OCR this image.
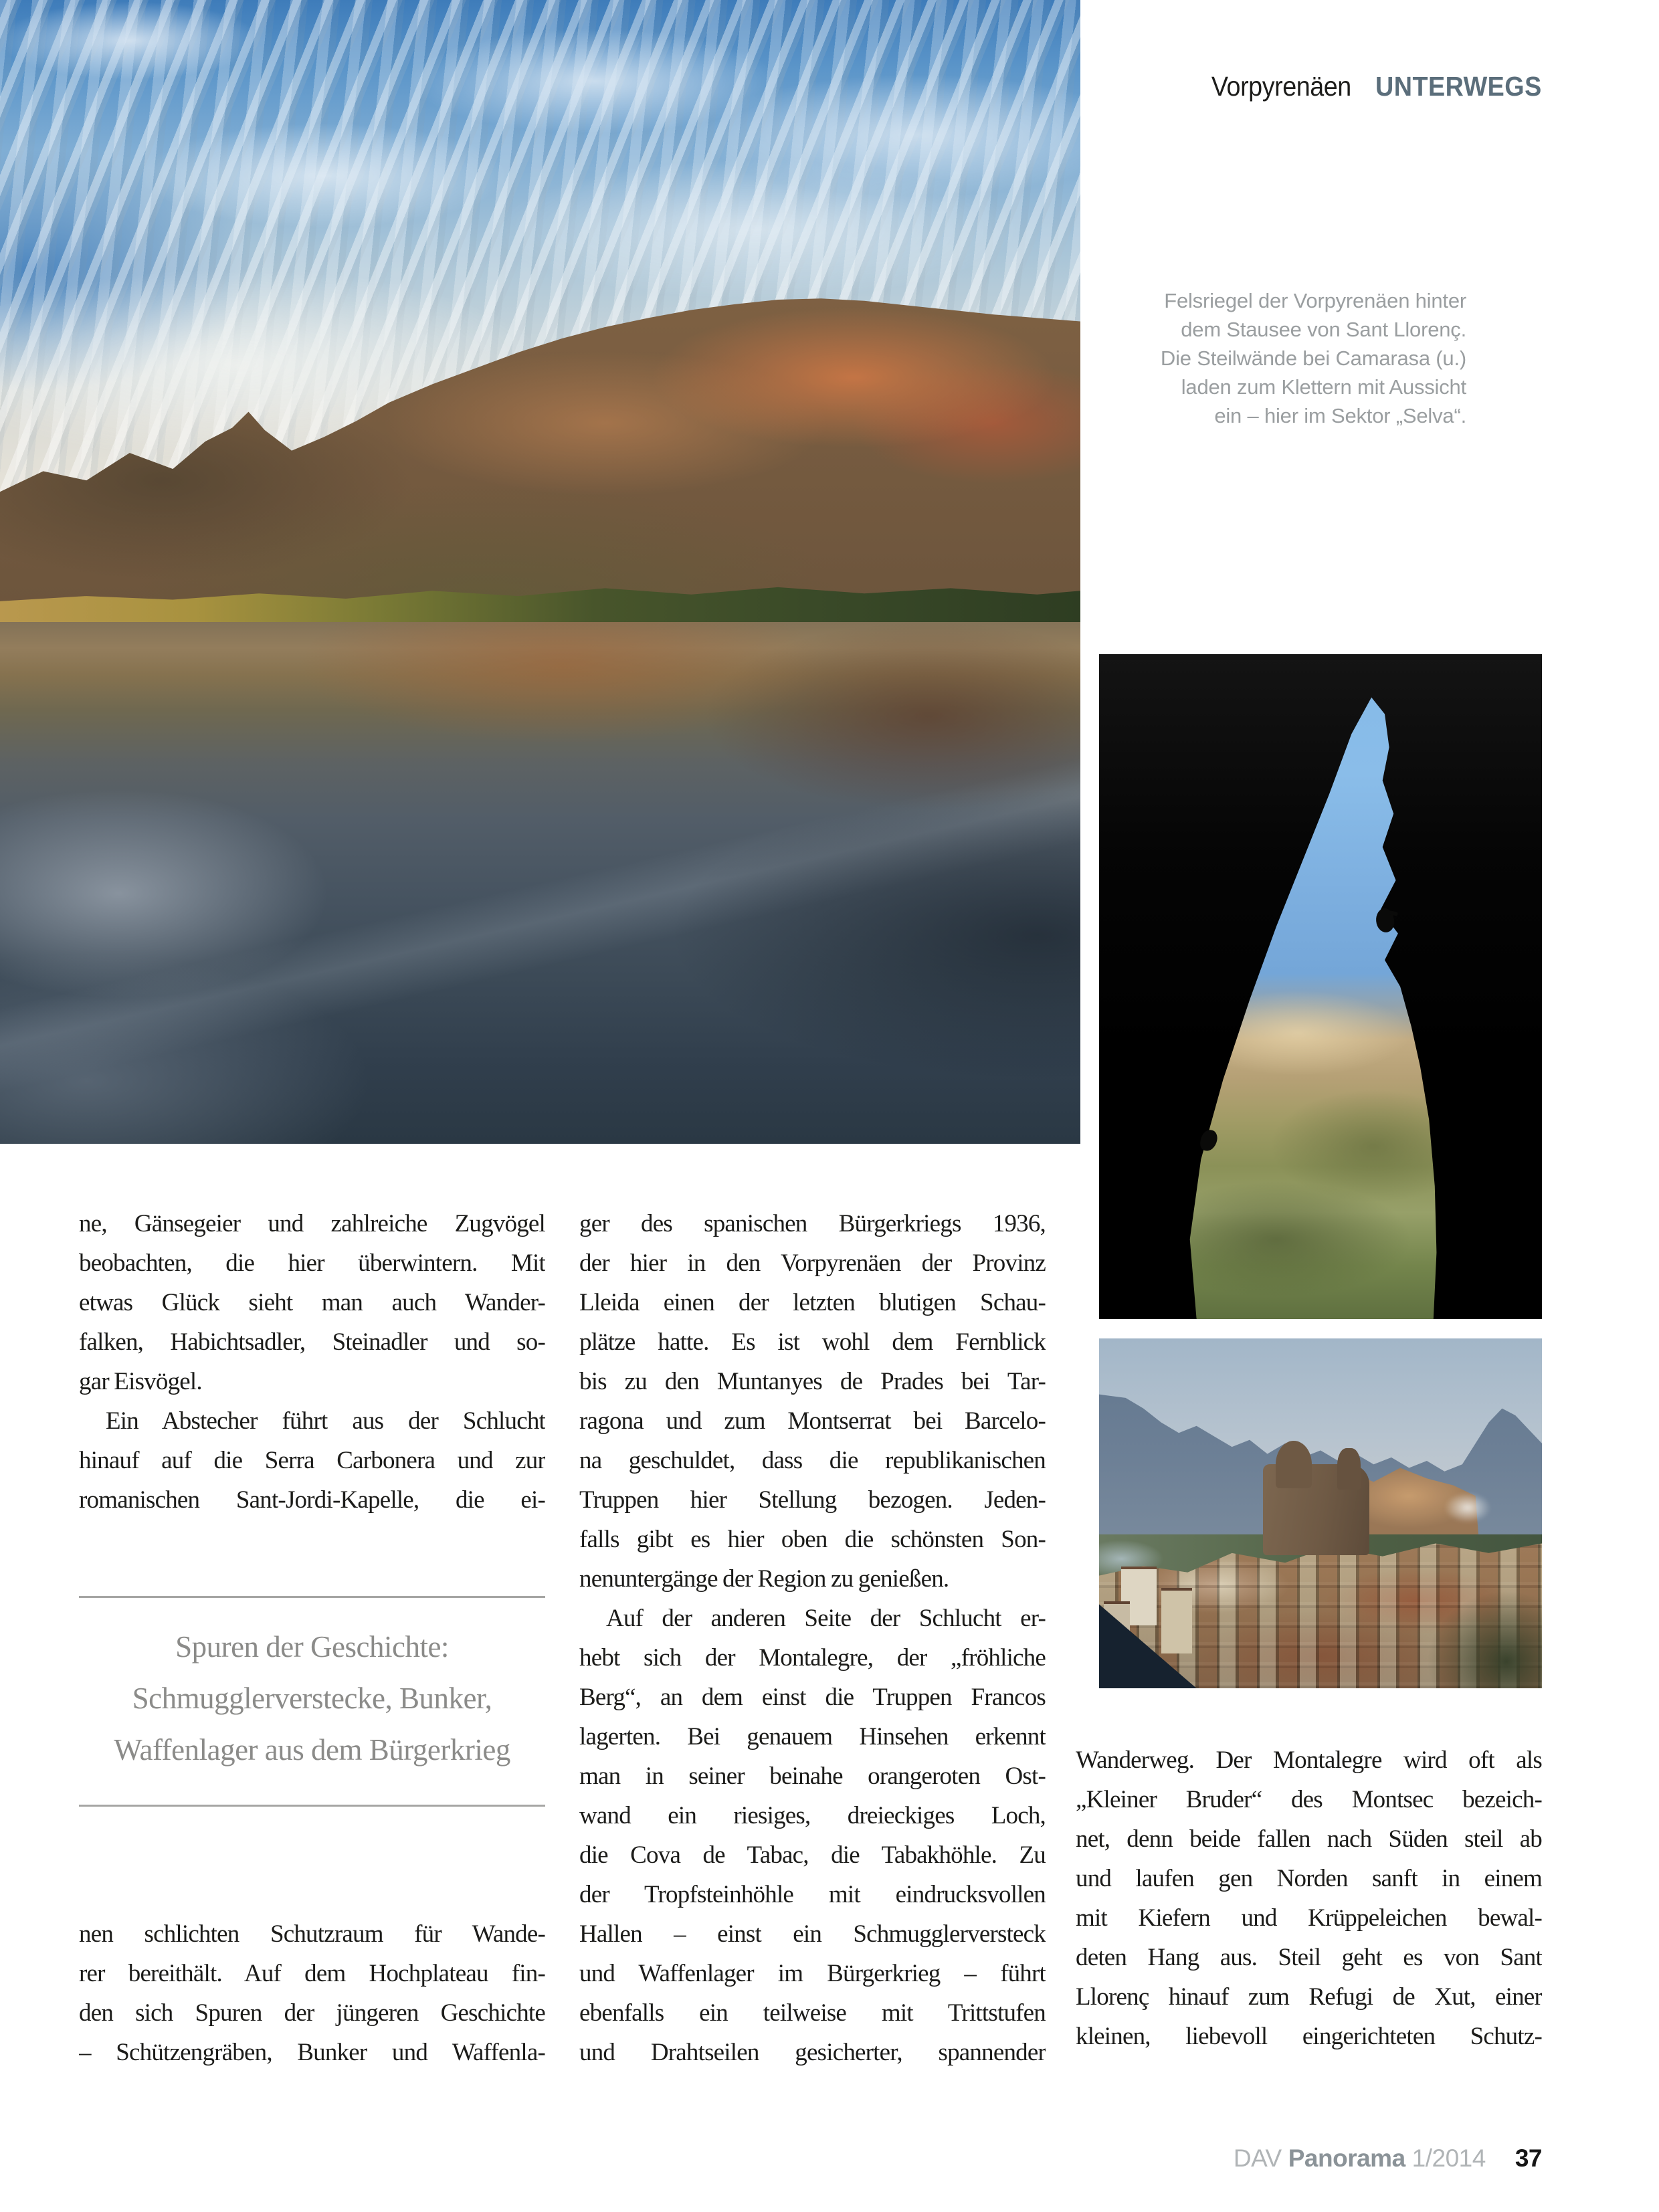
Vorpyrenäen UNTERWEGS
Felsriegel der Vorpyrenäen hinter
dem Stausee von Sant Llorenç.
Die Steilwände bei Camarasa (u.)
laden zum Klettern mit Aussicht
ein – hier im Sektor „Selva“.
ne, Gänsegeier und zahlreiche Zugvögel
beobachten, die hier überwintern. Mit
etwas Glück sieht man auch Wander-
falken, Habichtsadler, Steinadler und so-
gar Eisvögel.
Ein Abstecher führt aus der Schlucht
hinauf auf die Serra Carbonera und zur
romanischen Sant-Jordi-Kapelle, die ei-
Spuren der Geschichte:
Schmugglerverstecke, Bunker,
Waffenlager aus dem Bürgerkrieg
nen schlichten Schutzraum für Wande-
rer bereithält. Auf dem Hochplateau fin-
den sich Spuren der jüngeren Geschichte
– Schützengräben, Bunker und Waffenla-
ger des spanischen Bürgerkriegs 1936,
der hier in den Vorpyrenäen der Provinz
Lleida einen der letzten blutigen Schau-
plätze hatte. Es ist wohl dem Fernblick
bis zu den Muntanyes de Prades bei Tar-
ragona und zum Montserrat bei Barcelo-
na geschuldet, dass die republikanischen
Truppen hier Stellung bezogen. Jeden-
falls gibt es hier oben die schönsten Son-
nenuntergänge der Region zu genießen.
Auf der anderen Seite der Schlucht er-
hebt sich der Montalegre, der „fröhliche
Berg“, an dem einst die Truppen Francos
lagerten. Bei genauem Hinsehen erkennt
man in seiner beinahe orangeroten Ost-
wand ein riesiges, dreieckiges Loch,
die Cova de Tabac, die Tabakhöhle. Zu
der Tropfsteinhöhle mit eindrucksvollen
Hallen – einst ein Schmugglerversteck
und Waffenlager im Bürgerkrieg – führt
ebenfalls ein teilweise mit Trittstufen
und Drahtseilen gesicherter, spannender
Wanderweg. Der Montalegre wird oft als
„Kleiner Bruder“ des Montsec bezeich-
net, denn beide fallen nach Süden steil ab
und laufen gen Norden sanft in einem
mit Kiefern und Krüppeleichen bewal-
deten Hang aus. Steil geht es von Sant
Llorenç hinauf zum Refugi de Xut, einer
kleinen, liebevoll eingerichteten Schutz-
DAV Panorama 1/2014 37
